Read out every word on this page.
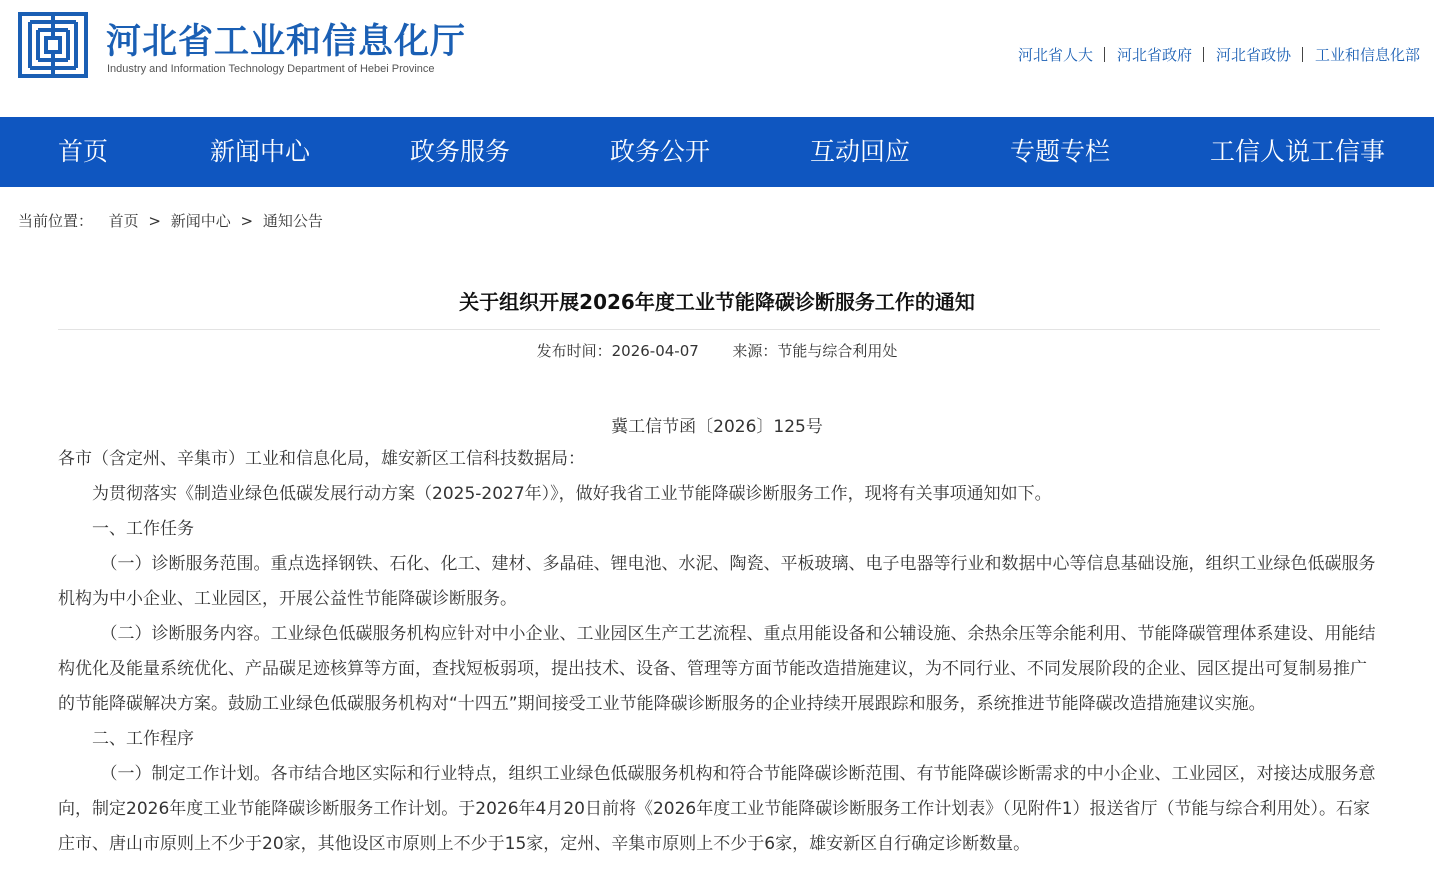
河北省工业和信息化厅
Industry and Information Technology Department of Hebei Province
河北省人大 河北省政府 河北省政协 工业和信息化部
首页	新闻中心	政务服务	政务公开	互动回应	专题专栏	工信人说工信事
当前位置： 首页 > 新闻中心 > 通知公告
关于组织开展2026年度工业节能降碳诊断服务工作的通知
发布时间：2026-04-07 来源：节能与综合利用处
冀工信节函〔2026〕125号

各市（含定州、辛集市）工业和信息化局，雄安新区工信科技数据局：

为贯彻落实《制造业绿色低碳发展行动方案（2025-2027年）》，做好我省工业节能降碳诊断服务工作，现将有关事项通知如下。

一、工作任务

（一）诊断服务范围。重点选择钢铁、石化、化工、建材、多晶硅、锂电池、水泥、陶瓷、平板玻璃、电子电器等行业和数据中心等信息基础设施，组织工业绿色低碳服务机构为中小企业、工业园区，开展公益性节能降碳诊断服务。

（二）诊断服务内容。工业绿色低碳服务机构应针对中小企业、工业园区生产工艺流程、重点用能设备和公辅设施、余热余压等余能利用、节能降碳管理体系建设、用能结构优化及能量系统优化、产品碳足迹核算等方面，查找短板弱项，提出技术、设备、管理等方面节能改造措施建议，为不同行业、不同发展阶段的企业、园区提出可复制易推广的节能降碳解决方案。鼓励工业绿色低碳服务机构对“十四五”期间接受工业节能降碳诊断服务的企业持续开展跟踪和服务，系统推进节能降碳改造措施建议实施。

二、工作程序

（一）制定工作计划。各市结合地区实际和行业特点，组织工业绿色低碳服务机构和符合节能降碳诊断范围、有节能降碳诊断需求的中小企业、工业园区，对接达成服务意向，制定2026年度工业节能降碳诊断服务工作计划。于2026年4月20日前将《2026年度工业节能降碳诊断服务工作计划表》（见附件1）报送省厅（节能与综合利用处）。石家庄市、唐山市原则上不少于20家，其他设区市原则上不少于15家，定州、辛集市原则上不少于6家，雄安新区自行确定诊断数量。
